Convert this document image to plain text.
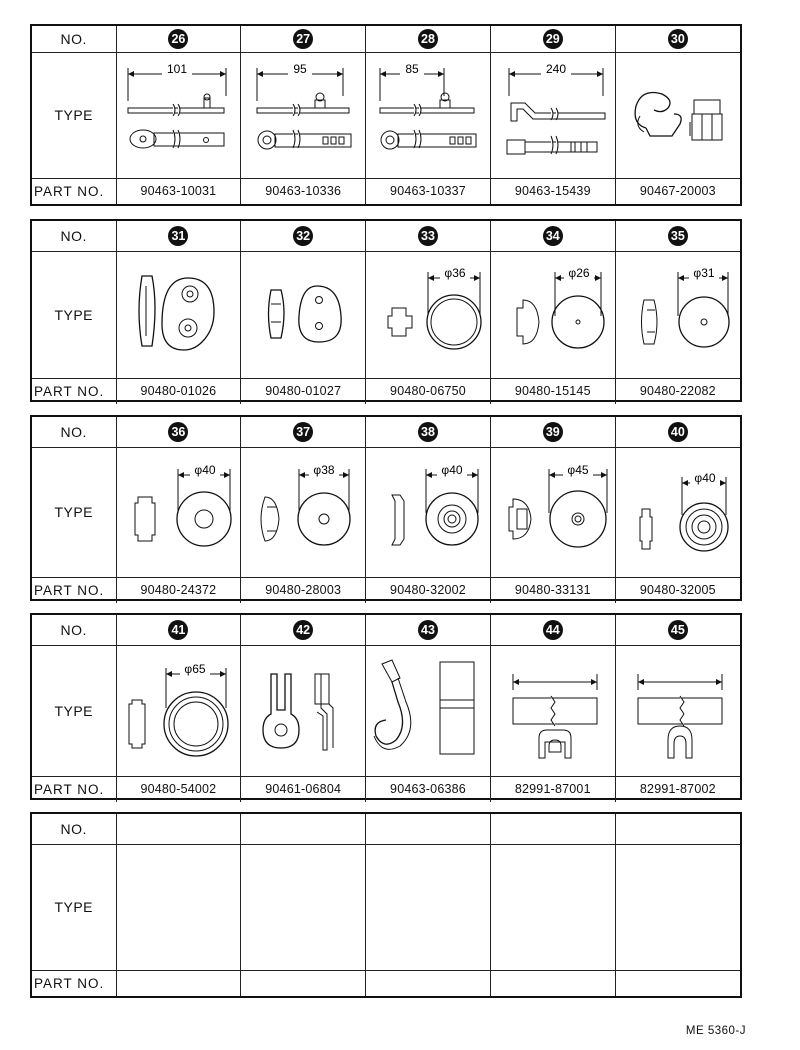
NO.	26	27	28	29	30
TYPE	101	95	85	240

PART NO.	90463-10031	90463-10336	90463-10337	90463-15439	90467-20003
NO.	31	32	33	34	35
TYPE			φ36	φ26	φ31

PART NO.	90480-01026	90480-01027	90480-06750	90480-15145	90480-22082
NO.	36	37	38	39	40
TYPE	φ40	φ38	φ40	φ45	φ40

PART NO.	90480-24372	90480-28003	90480-32002	90480-33131	90480-32005
NO.	41	42	43	44	45
TYPE	φ65

PART NO.	90480-54002	90461-06804	90463-06386	82991-87001	82991-87002
NO.					
TYPE					
PART NO.					
ME 5360-J
